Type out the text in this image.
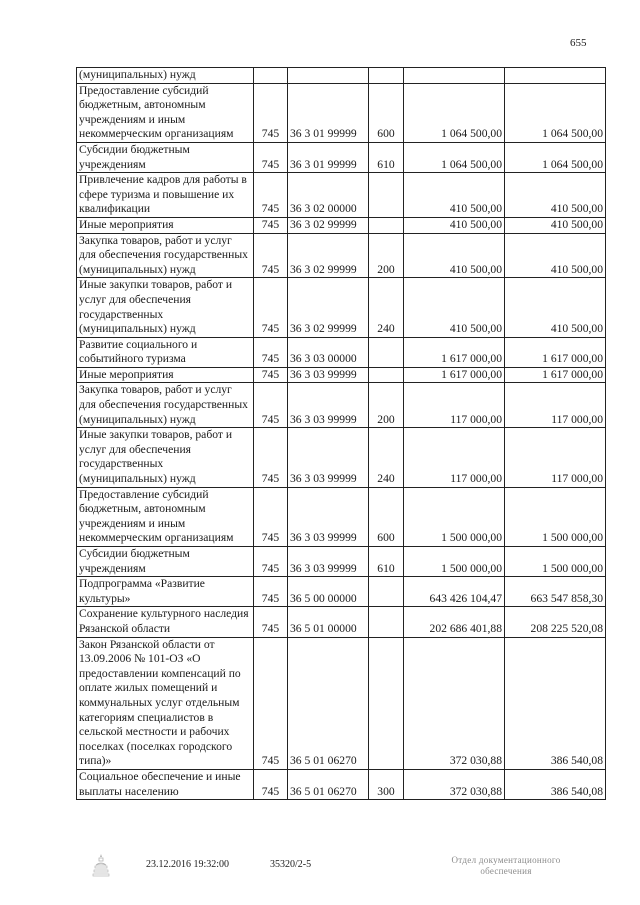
655
(муниципальных) нужд					
Предоставление субсидий бюджетным, автономным учреждениям и иным некоммерческим организациям	745	36 3 01 99999	600	1 064 500,00	1 064 500,00
Субсидии бюджетным учреждениям	745	36 3 01 99999	610	1 064 500,00	1 064 500,00
Привлечение кадров для работы в сфере туризма и повышение их квалификации	745	36 3 02 00000		410 500,00	410 500,00
Иные мероприятия	745	36 3 02 99999		410 500,00	410 500,00
Закупка товаров, работ и услуг для обеспечения государственных (муниципальных) нужд	745	36 3 02 99999	200	410 500,00	410 500,00
Иные закупки товаров, работ и услуг для обеспечения государственных (муниципальных) нужд	745	36 3 02 99999	240	410 500,00	410 500,00
Развитие социального и событийного туризма	745	36 3 03 00000		1 617 000,00	1 617 000,00
Иные мероприятия	745	36 3 03 99999		1 617 000,00	1 617 000,00
Закупка товаров, работ и услуг для обеспечения государственных (муниципальных) нужд	745	36 3 03 99999	200	117 000,00	117 000,00
Иные закупки товаров, работ и услуг для обеспечения государственных (муниципальных) нужд	745	36 3 03 99999	240	117 000,00	117 000,00
Предоставление субсидий бюджетным, автономным учреждениям и иным некоммерческим организациям	745	36 3 03 99999	600	1 500 000,00	1 500 000,00
Субсидии бюджетным учреждениям	745	36 3 03 99999	610	1 500 000,00	1 500 000,00
Подпрограмма «Развитие культуры»	745	36 5 00 00000		643 426 104,47	663 547 858,30
Сохранение культурного наследия Рязанской области	745	36 5 01 00000		202 686 401,88	208 225 520,08
Закон Рязанской области от 13.09.2006 № 101-ОЗ «О предоставлении компенсаций по оплате жилых помещений и коммунальных услуг отдельным категориям специалистов в сельской местности и рабочих поселках (поселках городского типа)»	745	36 5 01 06270		372 030,88	386 540,08
Социальное обеспечение и иные выплаты населению	745	36 5 01 06270	300	372 030,88	386 540,08
23.12.2016 19:32:00	35320/2-5	Отдел документационного обеспечения
